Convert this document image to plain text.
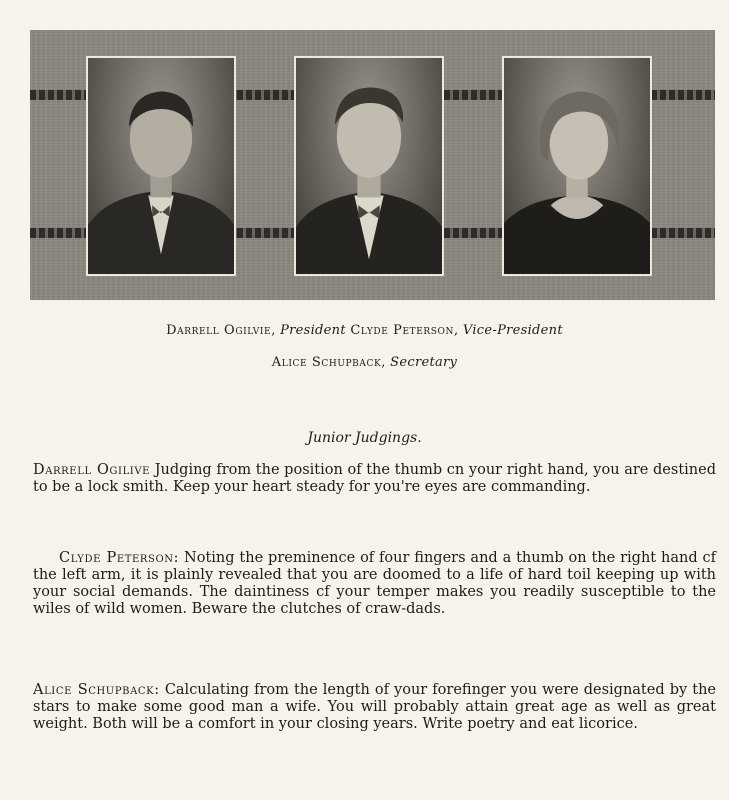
Darrell Ogilvie, President Clyde Peterson, Vice-President
Alice Schupback, Secretary
Junior Judgings.
Darrell Ogilive Judging from the position of the thumb cn your right hand, you are destined to be a lock smith. Keep your heart steady for you're eyes are commanding.
Clyde Peterson: Noting the preminence of four fingers and a thumb on the right hand cf the left arm, it is plainly revealed that you are doomed to a life of hard toil keeping up with your social demands. The daintiness cf your temper makes you readily susceptible to the wiles of wild women. Beware the clutches of craw-dads.
Alice Schupback: Calculating from the length of your forefinger you were designated by the stars to make some good man a wife. You will probably attain great age as well as great weight. Both will be a comfort in your closing years. Write poetry and eat licorice.
